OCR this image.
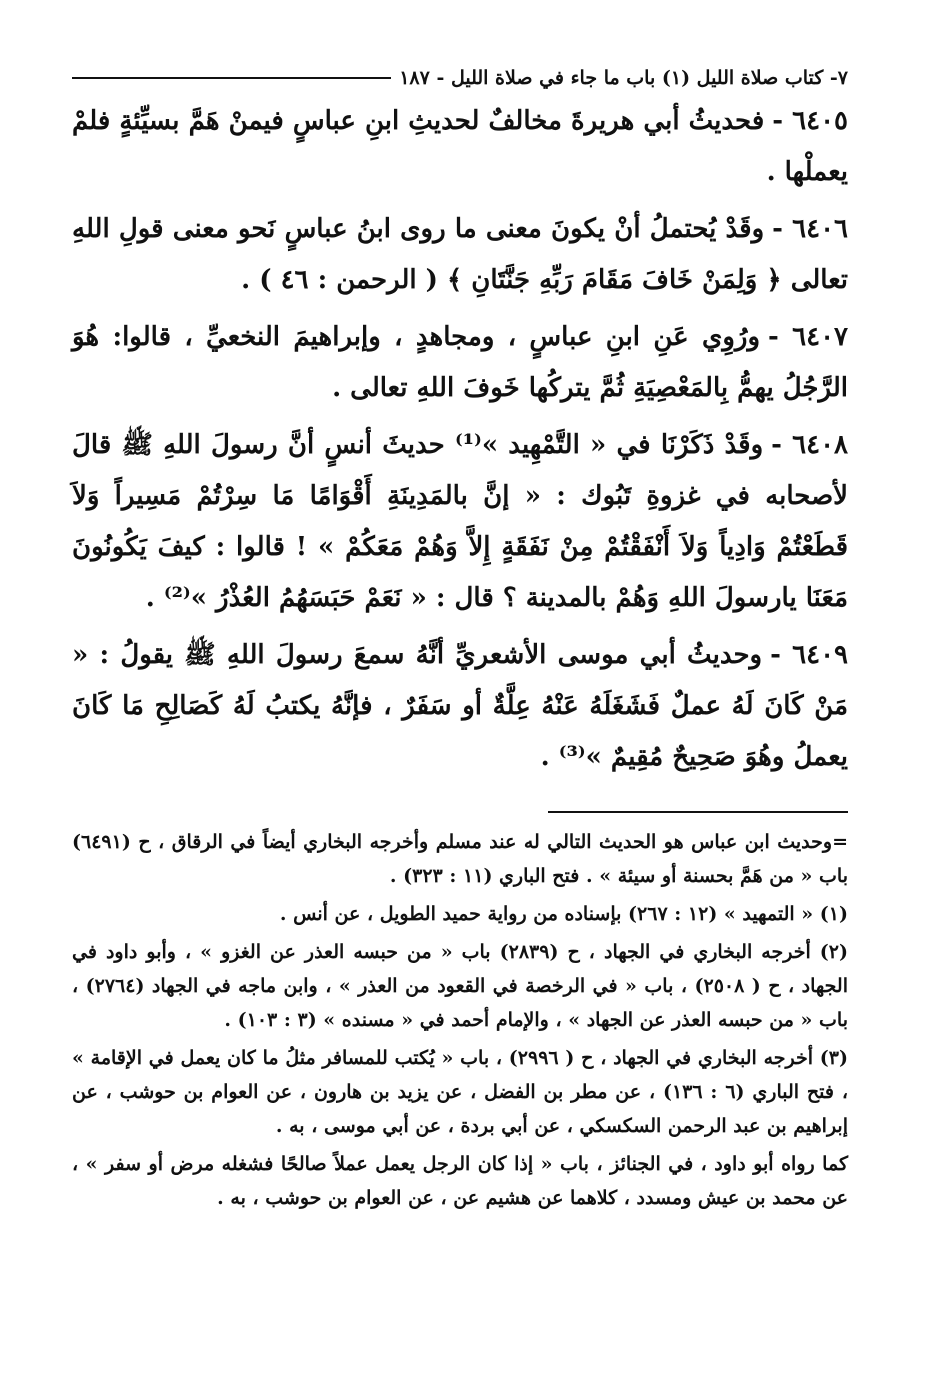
٧- كتاب صلاة الليل (١) باب ما جاء في صلاة الليل - ١٨٧

٦٤٠٥ -فحديثُ أبي هريرةَ مخالفٌ لحديثِ ابنِ عباسٍ فيمنْ هَمَّ بسيِّئةٍ فلمْ يعملْها .

٦٤٠٦ -وقَدْ يُحتملُ أنْ يكونَ معنى ما روى ابنُ عباسٍ نَحو معنى قولِ اللهِ تعالى ﴿ وَلِمَنْ خَافَ مَقَامَ رَبِّهِ جَنَّتَانِ ﴾ ( الرحمن : ٤٦ ) .

٦٤٠٧ -ورُوِي عَنِ ابنِ عباسٍ ، ومجاهدٍ ، وإبراهيمَ النخعيِّ ، قالوا: هُوَ الرَّجُلُ يهمُّ بِالمَعْصِيَةِ ثُمَّ يتركُها خَوفَ اللهِ تعالى .

٦٤٠٨ -وقَدْ ذَكَرْنَا في « التَّمْهِيد »⁽¹⁾ حديثَ أنسٍ أنَّ رسولَ اللهِ ﷺ قالَ لأصحابه في غزوةِ تَبُوك : « إنَّ بالمَدِينَةِ أَقْوَامًا مَا سِرْتُمْ مَسِيراً وَلاَ قَطَعْتُمْ وَادِياً وَلاَ أَنْفَقْتُمْ مِنْ نَفَقَةٍ إِلاَّ وَهُمْ مَعَكُمْ » ! قالوا : كيفَ يَكُونُونَ مَعَنَا يارسولَ اللهِ وَهُمْ بالمدينة ؟ قال : « نَعَمْ حَبَسَهُمُ العُذْرُ »⁽²⁾ .

٦٤٠٩ -وحديثُ أبي موسى الأشعريِّ أنَّهُ سمعَ رسولَ اللهِ ﷺ يقولُ : « مَنْ كَانَ لَهُ عملٌ فَشَغَلَهُ عَنْهُ عِلَّةٌ أو سَفَرٌ ، فإنَّهُ يكتبُ لَهُ كَصَالِحِ مَا كَانَ يعملُ وهُوَ صَحِيحٌ مُقِيمٌ »⁽³⁾ .

=وحديث ابن عباس هو الحديث التالي له عند مسلم وأخرجه البخاري أيضاً في الرقاق ، ح (٦٤٩١) باب « من هَمَّ بحسنة أو سيئة » . فتح الباري (١١ : ٣٢٣) .

(١) « التمهيد » (١٢ : ٢٦٧) بإسناده من رواية حميد الطويل ، عن أنس .

(٢) أخرجه البخاري في الجهاد ، ح (٢٨٣٩) باب « من حبسه العذر عن الغزو » ، وأبو داود في الجهاد ، ح ( ٢٥٠٨) ، باب « في الرخصة في القعود من العذر » ، وابن ماجه في الجهاد (٢٧٦٤) ، باب « من حبسه العذر عن الجهاد » ، والإمام أحمد في « مسنده » (٣ : ١٠٣) .

(٣) أخرجه البخاري في الجهاد ، ح ( ٢٩٩٦) ، باب « يُكتب للمسافر مثلُ ما كان يعمل في الإقامة » ، فتح الباري (٦ : ١٣٦) ، عن مطر بن الفضل ، عن يزيد بن هارون ، عن العوام بن حوشب ، عن إبراهيم بن عبد الرحمن السكسكي ، عن أبي بردة ، عن أبي موسى ، به .

كما رواه أبو داود ، في الجنائز ، باب « إذا كان الرجل يعمل عملاً صالحًا فشغله مرض أو سفر » ، عن محمد بن عيش ومسدد ، كلاهما عن هشيم عن ، عن العوام بن حوشب ، به .
